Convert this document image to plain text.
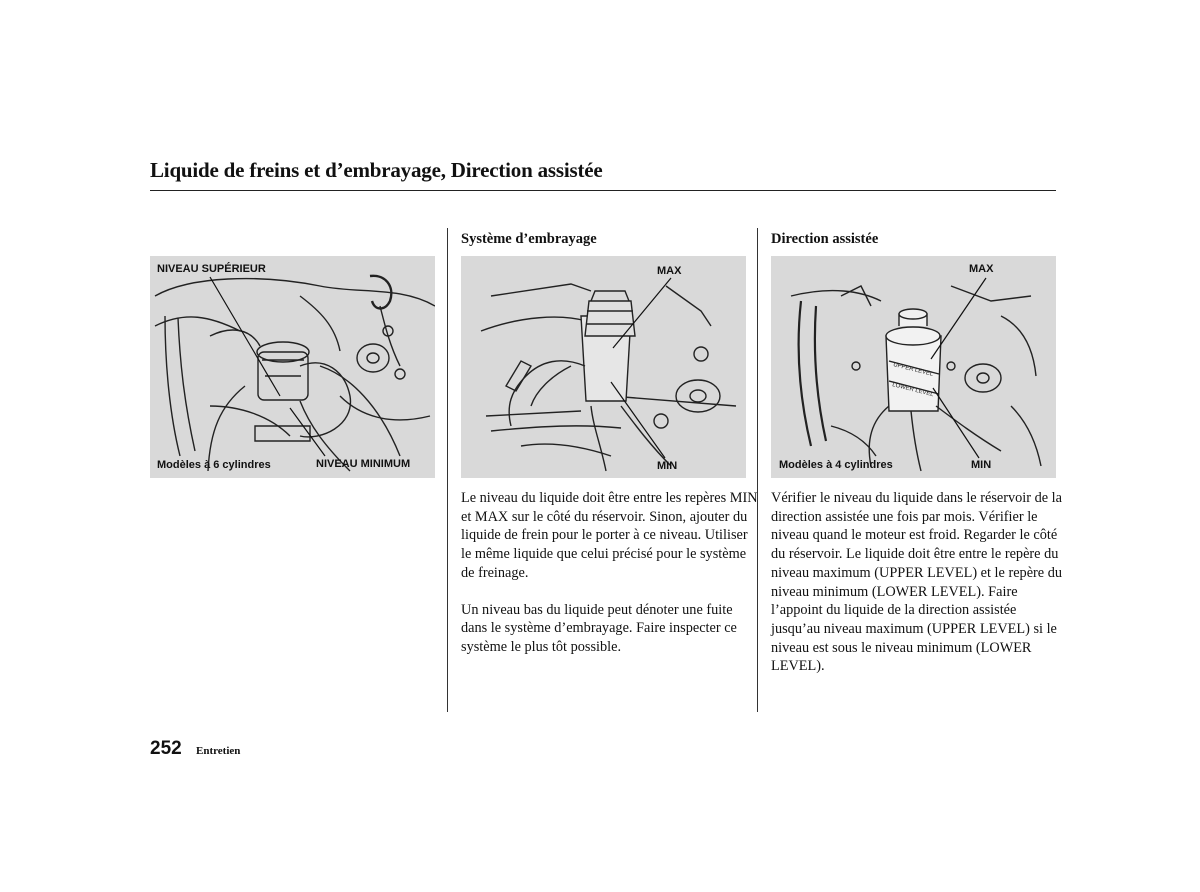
Liquide de freins et d’embrayage, Direction assistée
NIVEAU SUPÉRIEUR
Modèles à 6 cylindres	NIVEAU MINIMUM
Système d’embrayage
MAX
MIN

Le niveau du liquide doit être entre les repères MIN et MAX sur le côté du réservoir. Sinon, ajouter du liquide de frein pour le porter à ce niveau. Utiliser le même liquide que celui précisé pour le système de freinage.

Un niveau bas du liquide peut dénoter une fuite dans le système d’embrayage. Faire inspecter ce système le plus tôt possible.

Direction assistée
UPPER LEVEL
LOWER LEVEL
MAX
Modèles à 4 cylindres	MIN

Vérifier le niveau du liquide dans le réservoir de la direction assistée une fois par mois. Vérifier le niveau quand le moteur est froid. Regarder le côté du réservoir. Le liquide doit être entre le repère du niveau maximum (UPPER LEVEL) et le repère du niveau minimum (LOWER LEVEL). Faire l’appoint du liquide de la direction assistée jusqu’au niveau maximum (UPPER LEVEL) si le niveau est sous le niveau minimum (LOWER LEVEL).

252 Entretien
